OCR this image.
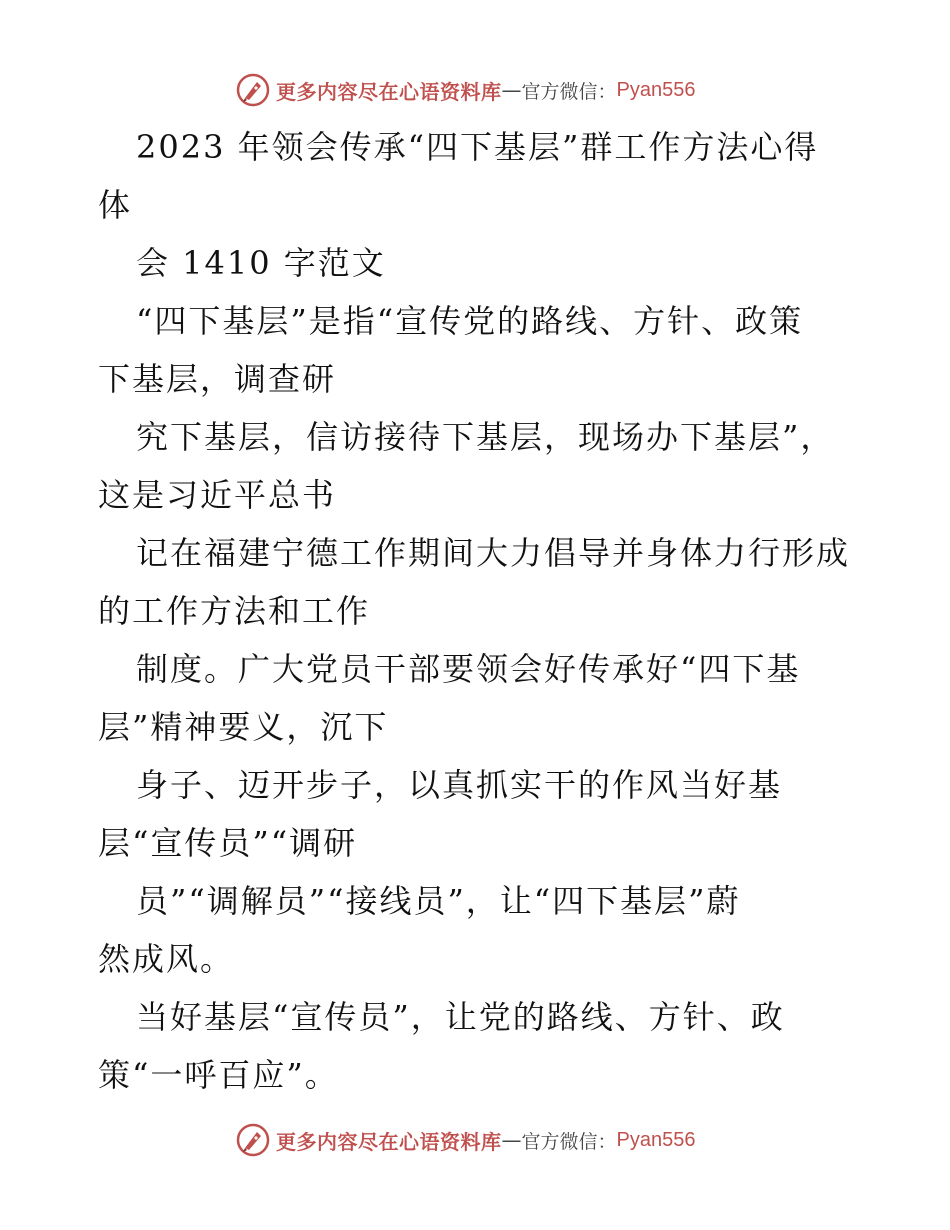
更多内容尽在心语资料库 — 官方微信： Pyan556
2023 年领会传承“四下基层”群工作方法心得
体
会 1410 字范文
“四下基层”是指“宣传党的路线、方针、政策
下基层，调查研
究下基层，信访接待下基层，现场办下基层”，
这是习近平总书
记在福建宁德工作期间大力倡导并身体力行形成
的工作方法和工作
制度。广大党员干部要领会好传承好“四下基
层”精神要义，沉下
身子、迈开步子，以真抓实干的作风当好基
层“宣传员”“调研
员”“调解员”“接线员”，让“四下基层”蔚
然成风。
当好基层“宣传员”，让党的路线、方针、政
策“一呼百应”。
更多内容尽在心语资料库 — 官方微信： Pyan556
